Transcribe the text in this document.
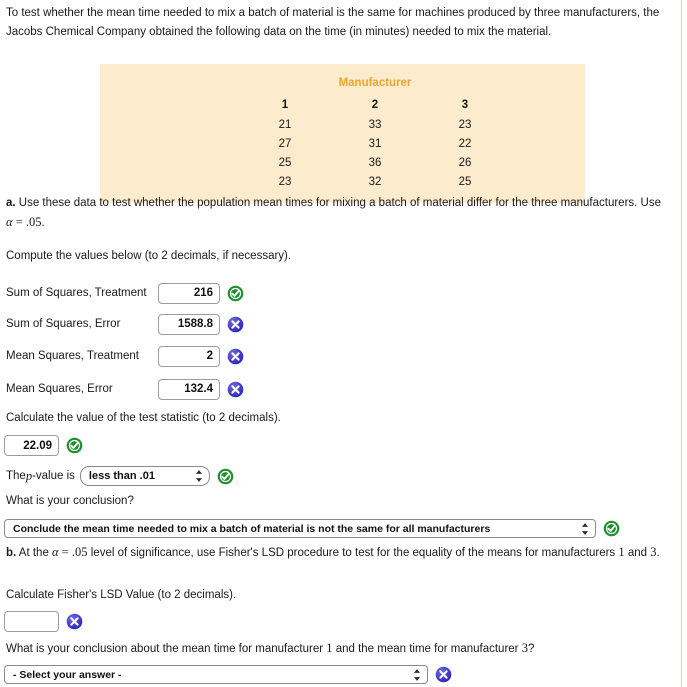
To test whether the mean time needed to mix a batch of material is the same for machines produced by three manufacturers, the Jacobs Chemical Company obtained the following data on the time (in minutes) needed to mix the material.
	Manufacturer			
	1	2	3	
	21	33	23	
	27	31	22	
	25	36	26	
	23	32	25	
a. Use these data to test whether the population mean times for mixing a batch of material differ for the three manufacturers. Use α = .05.
Compute the values below (to 2 decimals, if necessary).
Sum of Squares, Treatment
216
Sum of Squares, Error
1588.8
Mean Squares, Treatment
2
Mean Squares, Error
132.4
Calculate the value of the test statistic (to 2 decimals).
22.09
The p -value is
less than .01
What is your conclusion?
Conclude the mean time needed to mix a batch of material is not the same for all manufacturers
b. At the α = .05 level of significance, use Fisher's LSD procedure to test for the equality of the means for manufacturers 1 and 3.
Calculate Fisher's LSD Value (to 2 decimals).
What is your conclusion about the mean time for manufacturer 1 and the mean time for manufacturer 3?
- Select your answer -
